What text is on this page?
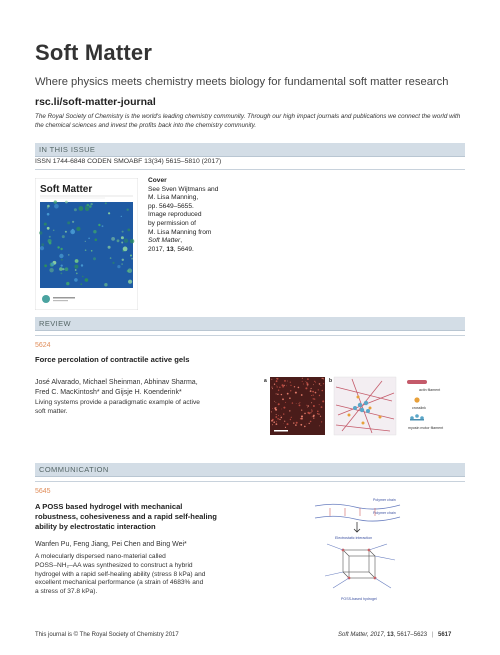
Soft Matter
Where physics meets chemistry meets biology for fundamental soft matter research
rsc.li/soft-matter-journal
The Royal Society of Chemistry is the world's leading chemistry community. Through our high impact journals and publications we connect the world with the chemical sciences and invest the profits back into the chemistry community.
IN THIS ISSUE
ISSN 1744-6848 CODEN SMOABF 13(34) 5615–5810 (2017)
Soft Matter
Cover
See Sven Wijtmans and
M. Lisa Manning,
pp. 5649–5655.
Image reproduced
by permission of
M. Lisa Manning from
Soft Matter,
2017, 13, 5649.
REVIEW
5624
Force percolation of contractile active gels
José Alvarado, Michael Sheinman, Abhinav Sharma,
Fred C. MacKintosh* and Gijsje H. Koenderink*
Living systems provide a paradigmatic example of active
soft matter.
a	b
actin filament
crosslink
myosin motor filament
COMMUNICATION
5645
A POSS based hydrogel with mechanical
robustness, cohesiveness and a rapid self-healing
ability by electrostatic interaction
Wanfen Pu, Feng Jiang, Pei Chen and Bing Wei*
A molecularly dispersed nano-material called
POSS–NH₂–AA was synthesized to construct a hybrid
hydrogel with a rapid self-healing ability (stress 8 kPa) and
excellent mechanical performance (a strain of 4683% and
a stress of 37.8 kPa).
Polymer chain
Polymer chain
Electrostatic interaction
POSS-based hydrogel
This journal is © The Royal Society of Chemistry 2017	Soft Matter, 2017, 13, 5617–5623 | 5617
